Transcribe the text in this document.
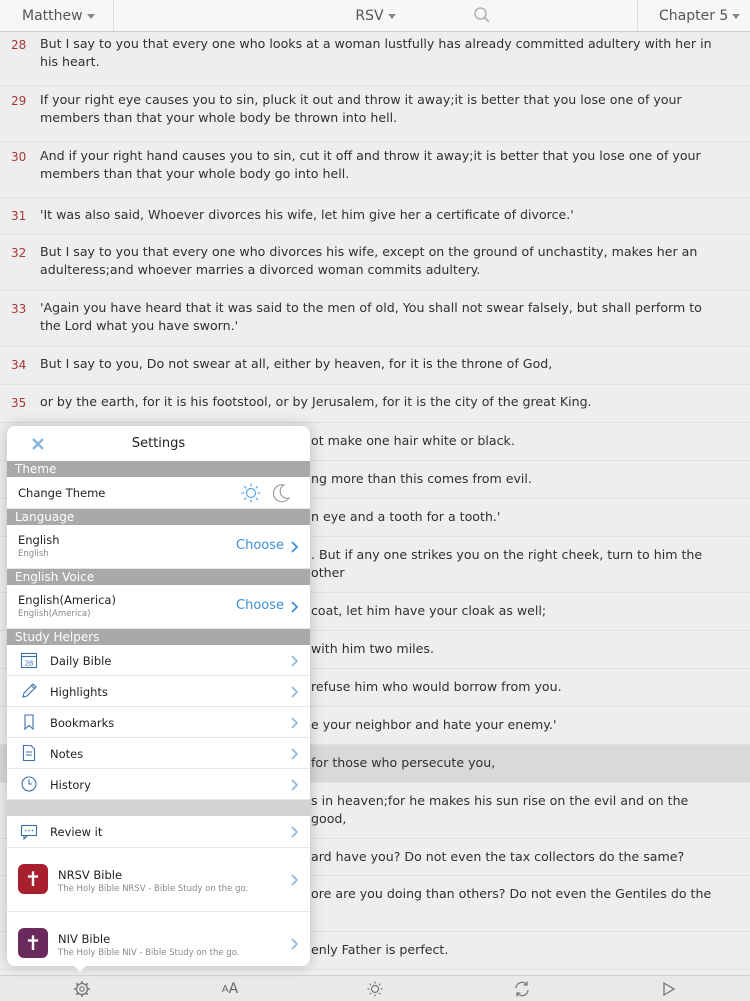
Matthew	RSV	Chapter 5
28 But I say to you that every one who looks at a woman lustfully has already committed adultery with her in his heart.
29 If your right eye causes you to sin, pluck it out and throw it away;it is better that you lose one of your members than that your whole body be thrown into hell.
30 And if your right hand causes you to sin, cut it off and throw it away;it is better that you lose one of your members than that your whole body go into hell.
31 'It was also said, Whoever divorces his wife, let him give her a certificate of divorce.'
32 But I say to you that every one who divorces his wife, except on the ground of unchastity, makes her an adulteress;and whoever marries a divorced woman commits adultery.
33 'Again you have heard that it was said to the men of old, You shall not swear falsely, but shall perform to the Lord what you have sworn.'
34 But I say to you, Do not swear at all, either by heaven, for it is the throne of God,
35 or by the earth, for it is his footstool, or by Jerusalem, for it is the city of the great King.
ot make one hair white or black.
ng more than this comes from evil.
n eye and a tooth for a tooth.'
. But if any one strikes you on the right cheek, turn to him the other
coat, let him have your cloak as well;
with him two miles.
refuse him who would borrow from you.
e your neighbor and hate your enemy.'
for those who persecute you,
s in heaven;for he makes his sun rise on the evil and on the good,
ard have you? Do not even the tax collectors do the same?
ore are you doing than others? Do not even the Gentiles do the
enly Father is perfect.
A A
Settings
Theme
Change Theme
Language
English
English
Choose
English Voice
English(America)
English(America)
Choose
Study Helpers
28 Daily Bible
Highlights
Bookmarks
Notes
History
Review it
✝	NRSV Bible
The Holy Bible NRSV - Bible Study on the go.
✝	NIV Bible
The Holy Bible NIV - Bible Study on the go.
